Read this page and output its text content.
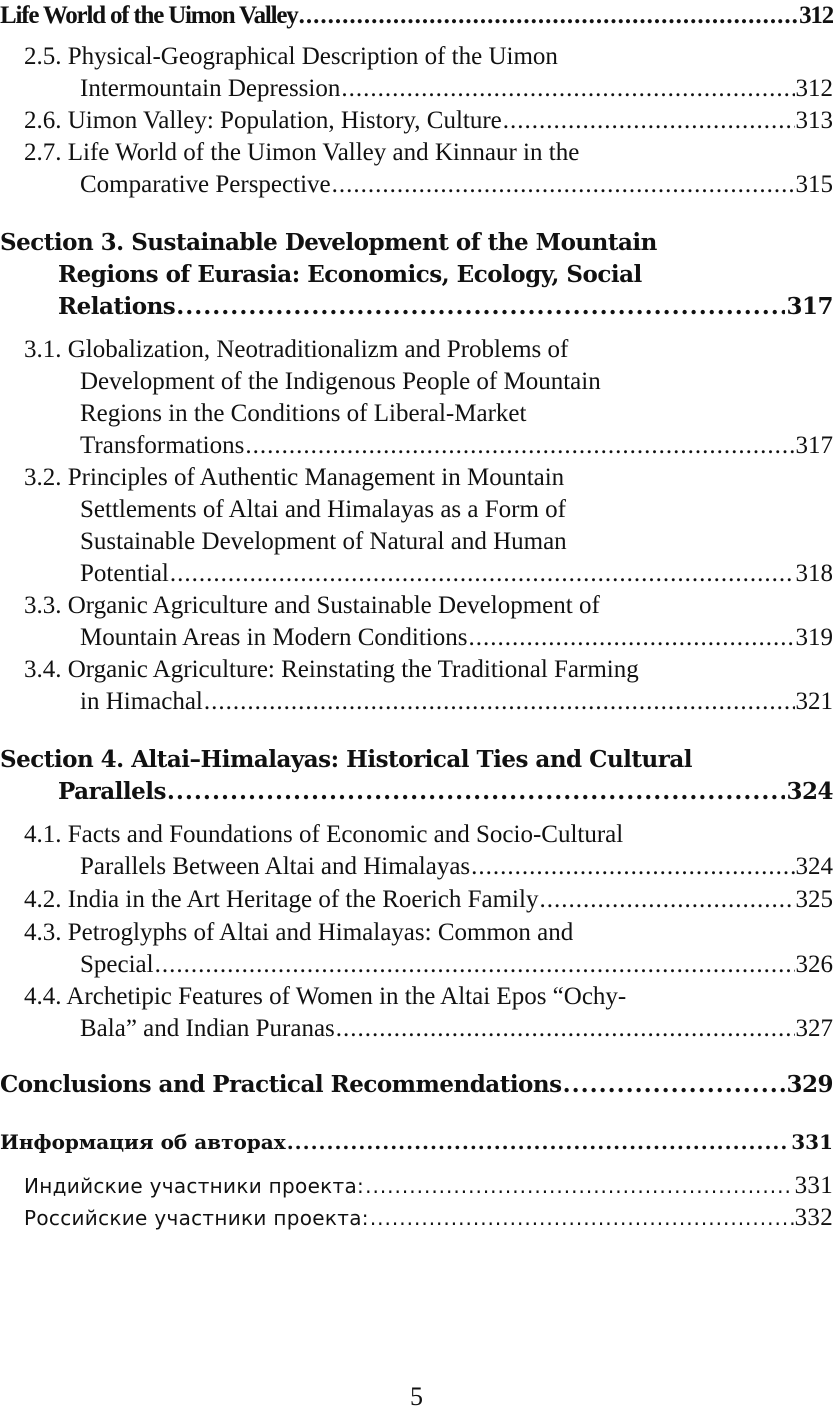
Life World of the Uimon Valley .....	312
2.5. Physical-Geographical Description of the Uimon
Intermountain Depression .....	312
2.6. Uimon Valley: Population, History, Culture .....	313
2.7. Life World of the Uimon Valley and Kinnaur in the
Comparative Perspective .....	315
Section 3. Sustainable Development of the Mountain
Regions of Eurasia: Economics, Ecology, Social
Relations .....	317
3.1. Globalization, Neotraditionalizm and Problems of
Development of the Indigenous People of Mountain
Regions in the Conditions of Liberal-Market
Transformations .....	317
3.2. Principles of Authentic Management in Mountain
Settlements of Altai and Himalayas as a Form of
Sustainable Development of Natural and Human
Potential .....	318
3.3. Organic Agriculture and Sustainable Development of
Mountain Areas in Modern Conditions .....	319
3.4. Organic Agriculture: Reinstating the Traditional Farming
in Himachal .....	321
Section 4. Altai–Himalayas: Historical Ties and Cultural
Parallels .....	324
4.1. Facts and Foundations of Economic and Socio-Cultural
Parallels Between Altai and Himalayas .....	324
4.2. India in the Art Heritage of the Roerich Family .....	325
4.3. Petroglyphs of Altai and Himalayas: Common and
Special .....	326
4.4. Archetipic Features of Women in the Altai Epos “Ochy-
Bala” and Indian Puranas .....	327
Conclusions and Practical Recommendations .....	329
Информация об авторах .....	331
Индийские участники проекта: .....	331
Российские участники проекта: .....	332
5
